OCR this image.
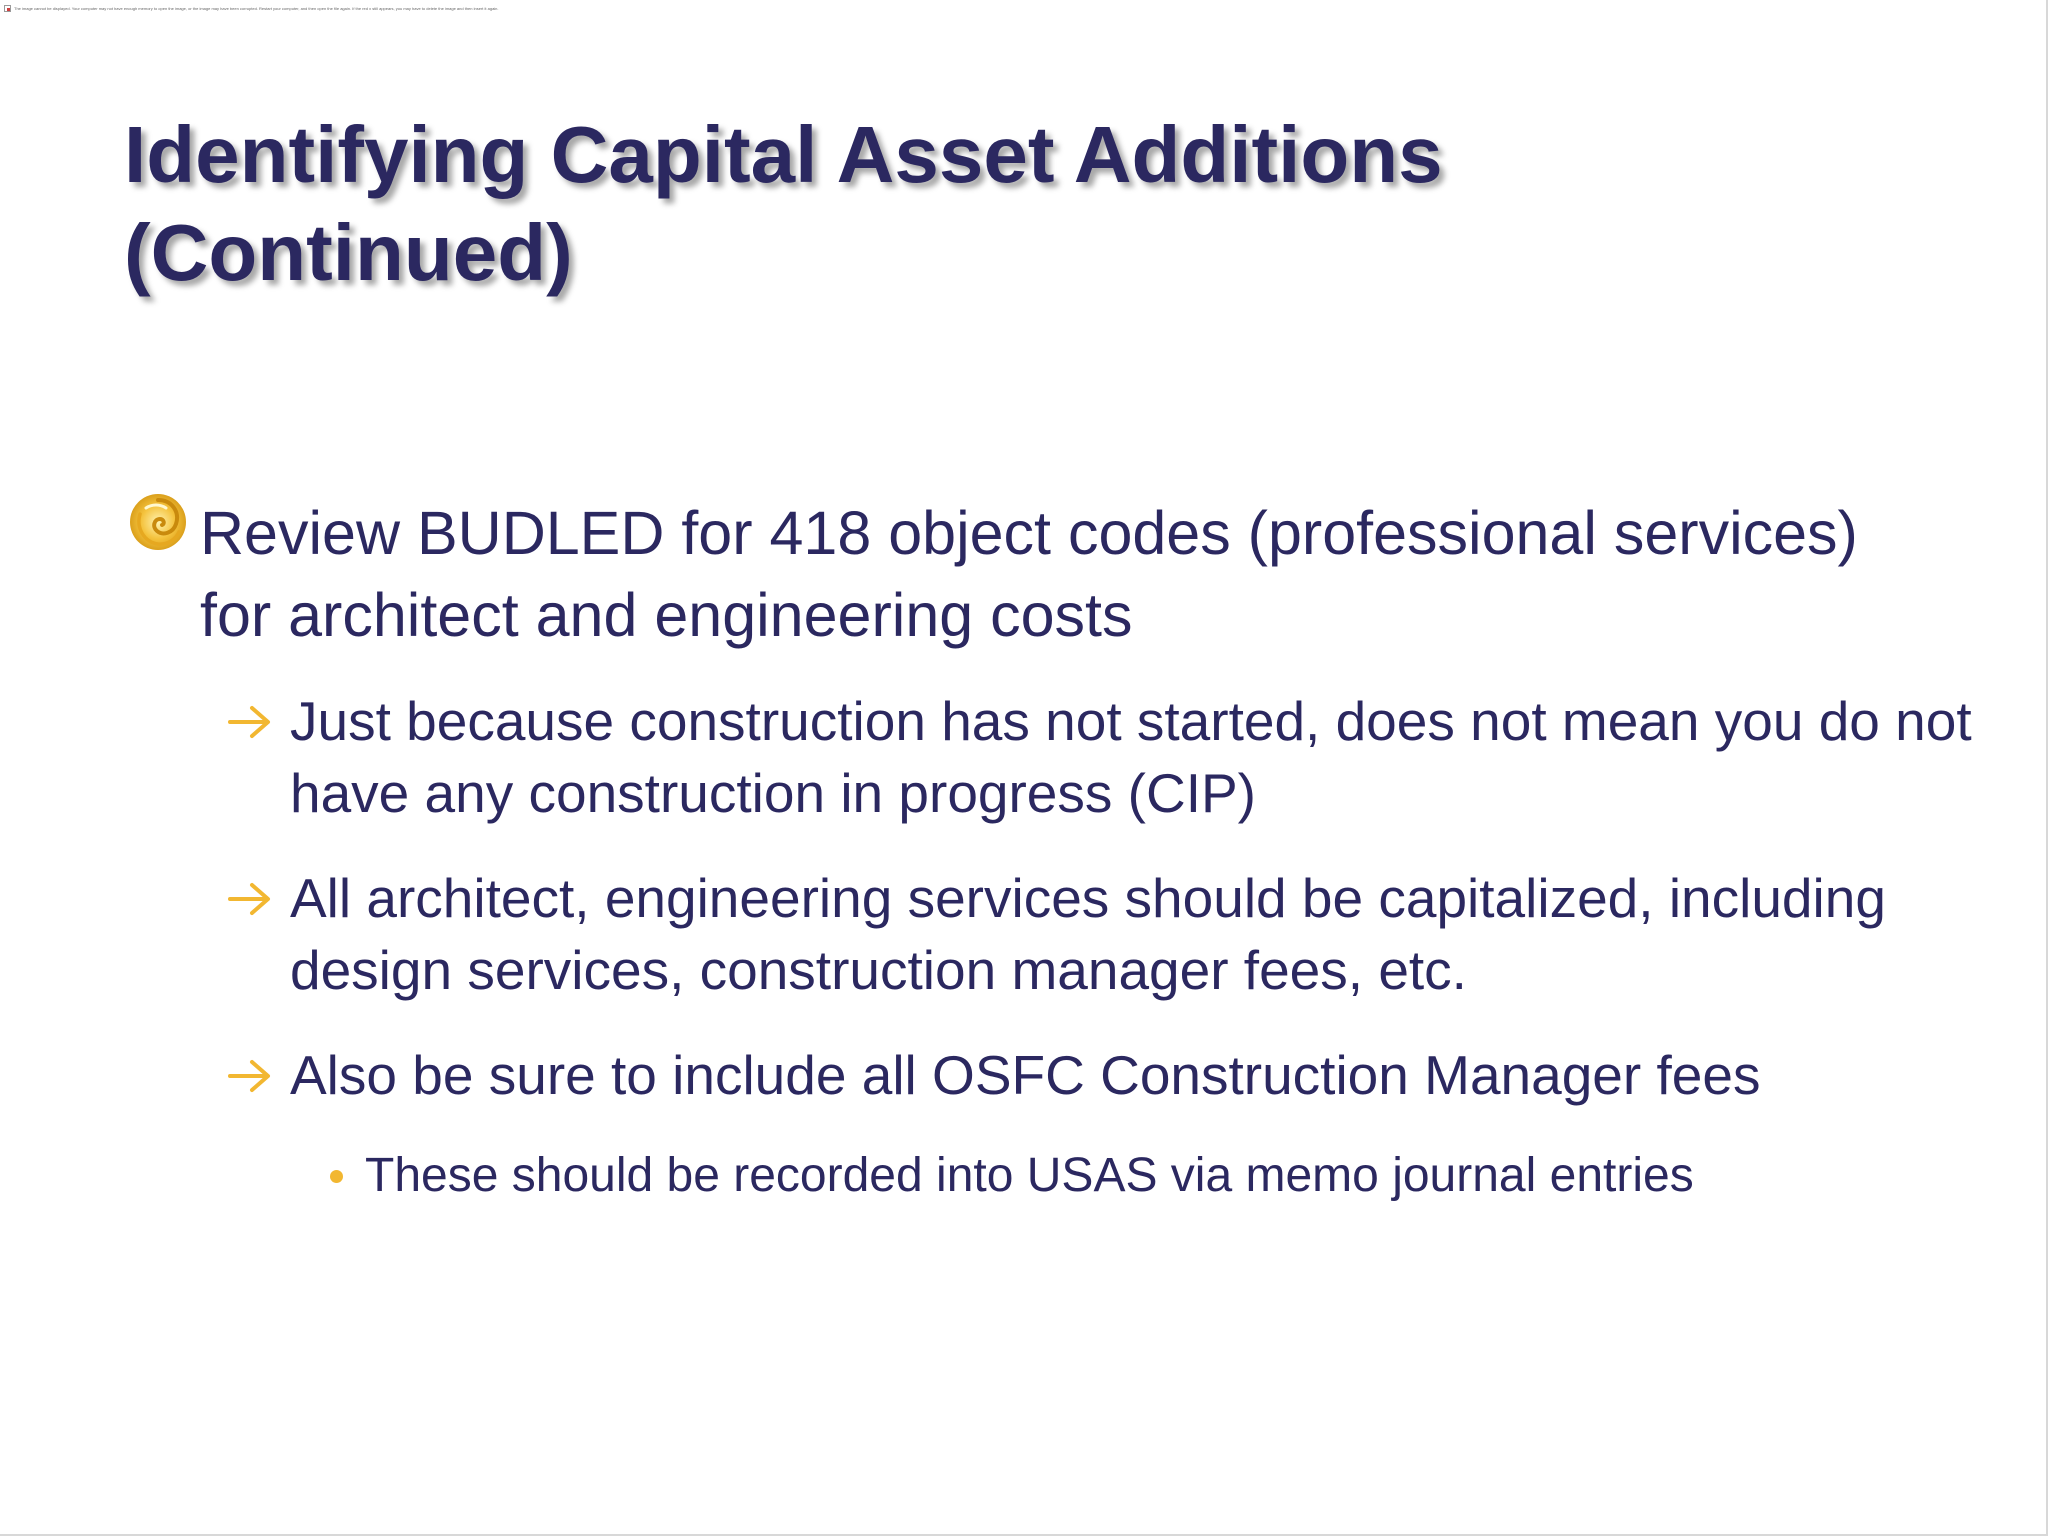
The image cannot be displayed. Your computer may not have enough memory to open the image, or the image may have been corrupted. Restart your computer, and then open the file again. If the red x still appears, you may have to delete the image and then insert it again.
Identifying Capital Asset Additions
(Continued)
Review BUDLED for 418 object codes (professional services) for architect and engineering costs
Just because construction has not started, does not mean you do not have any construction in progress (CIP)
All architect, engineering services should be capitalized, including design services, construction manager fees, etc.
Also be sure to include all OSFC Construction Manager fees
These should be recorded into USAS via memo journal entries
